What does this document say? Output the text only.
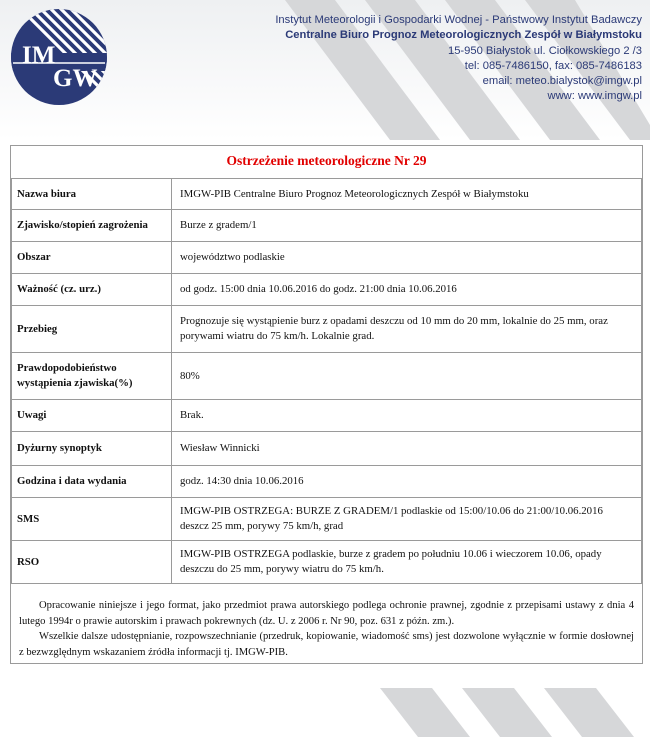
IM
GW
Instytut Meteorologii i Gospodarki Wodnej - Państwowy Instytut Badawczy
Centralne Biuro Prognoz Meteorologicznych Zespół w Białymstoku
15-950 Białystok ul. Ciołkowskiego 2 /3
tel: 085-7486150, fax: 085-7486183
email: meteo.bialystok@imgw.pl
www: www.imgw.pl
Ostrzeżenie meteorologiczne Nr 29
Nazwa biura	IMGW-PIB Centralne Biuro Prognoz Meteorologicznych Zespół w Białymstoku
Zjawisko/stopień zagrożenia	Burze z gradem/1
Obszar	województwo podlaskie
Ważność (cz. urz.)	od godz. 15:00 dnia 10.06.2016 do godz. 21:00 dnia 10.06.2016
Przebieg	Prognozuje się wystąpienie burz z opadami deszczu od 10 mm do 20 mm, lokalnie do 25 mm, oraz porywami wiatru do 75 km/h. Lokalnie grad.
Prawdopodobieństwo wystąpienia zjawiska(%)	80%
Uwagi	Brak.
Dyżurny synoptyk	Wiesław Winnicki
Godzina i data wydania	godz. 14:30 dnia 10.06.2016
SMS	IMGW-PIB OSTRZEGA: BURZE Z GRADEM/1 podlaskie od 15:00/10.06 do 21:00/10.06.2016 deszcz 25 mm, porywy 75 km/h, grad
RSO	IMGW-PIB OSTRZEGA podlaskie, burze z gradem po południu 10.06 i wieczorem 10.06, opady deszczu do 25 mm, porywy wiatru do 75 km/h.

Opracowanie niniejsze i jego format, jako przedmiot prawa autorskiego podlega ochronie prawnej, zgodnie z przepisami ustawy z dnia 4 lutego 1994r o prawie autorskim i prawach pokrewnych (dz. U. z 2006 r. Nr 90, poz. 631 z późn. zm.).

Wszelkie dalsze udostępnianie, rozpowszechnianie (przedruk, kopiowanie, wiadomość sms) jest dozwolone wyłącznie w formie dosłownej z bezwzględnym wskazaniem źródła informacji tj. IMGW-PIB.
